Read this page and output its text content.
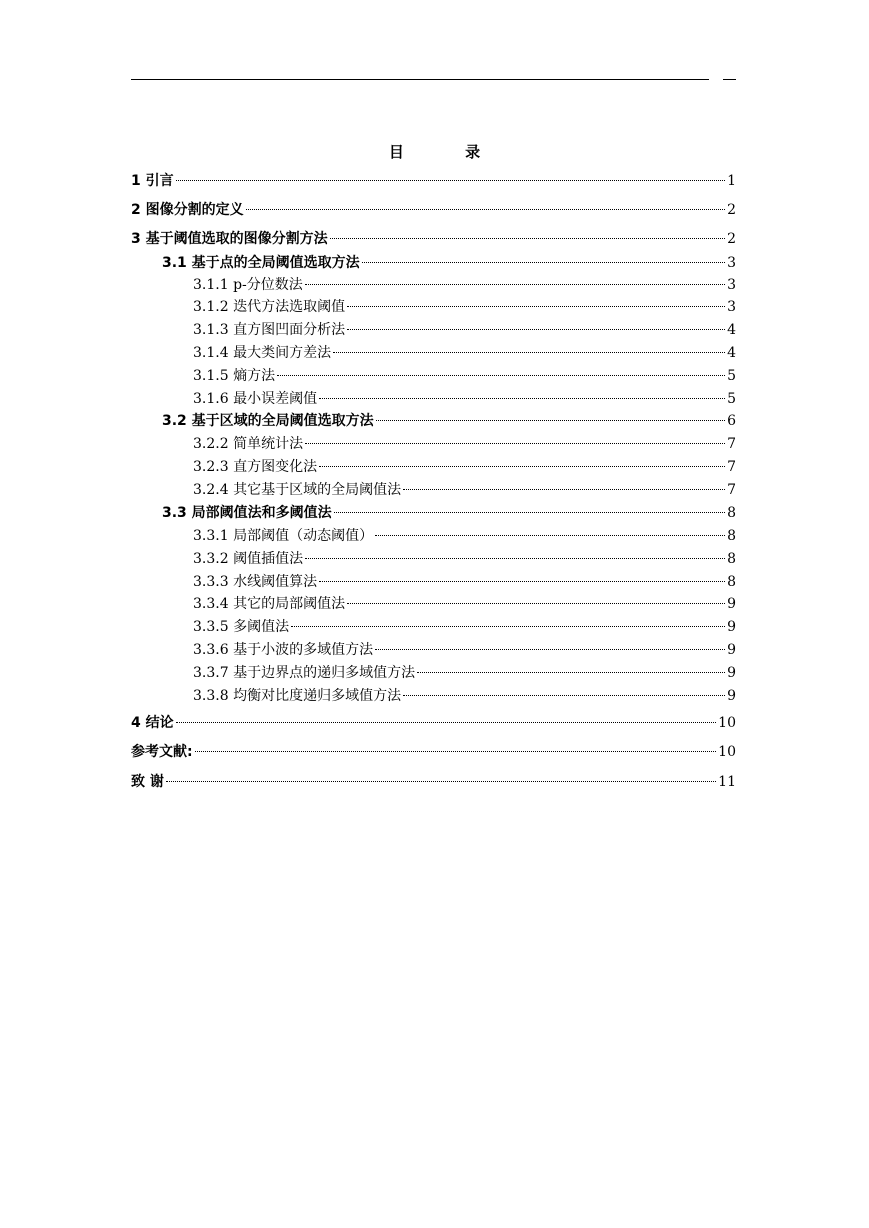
目 录
1 引言	1
2 图像分割的定义	2
3 基于阈值选取的图像分割方法	2
3.1 基于点的全局阈值选取方法	3
3.1.1 p-分位数法	3
3.1.2 迭代方法选取阈值	3
3.1.3 直方图凹面分析法	4
3.1.4 最大类间方差法	4
3.1.5 熵方法	5
3.1.6 最小误差阈值	5
3.2 基于区域的全局阈值选取方法	6
3.2.2 简单统计法	7
3.2.3 直方图变化法	7
3.2.4 其它基于区域的全局阈值法	7
3.3 局部阈值法和多阈值法	8
3.3.1 局部阈值（动态阈值）	8
3.3.2 阈值插值法	8
3.3.3 水线阈值算法	8
3.3.4 其它的局部阈值法	9
3.3.5 多阈值法	9
3.3.6 基于小波的多域值方法	9
3.3.7 基于边界点的递归多域值方法	9
3.3.8 均衡对比度递归多域值方法	9
4 结论	10
参考文献:	10
致 谢	11
